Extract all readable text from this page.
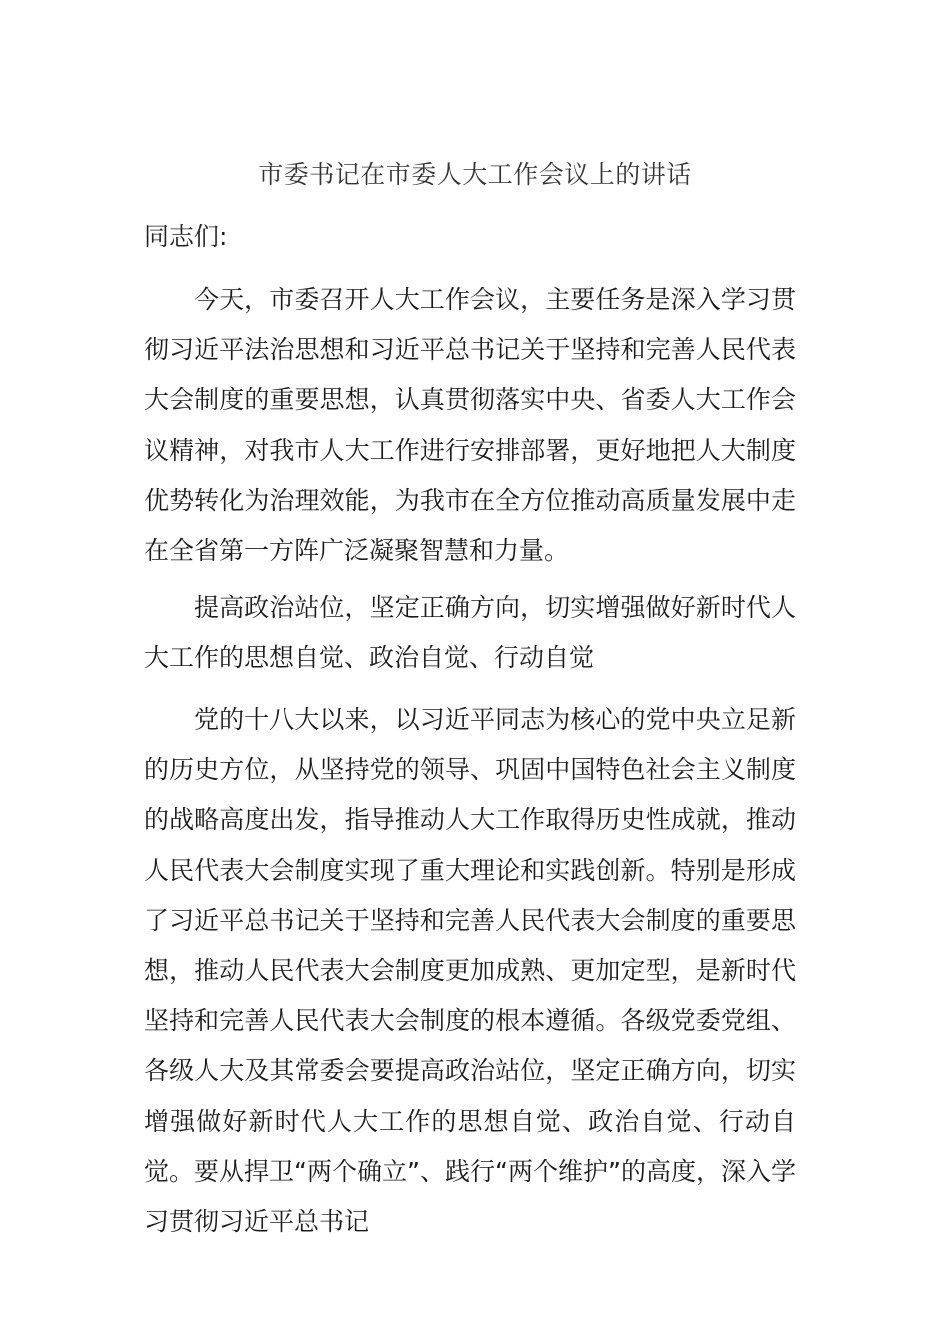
市委书记在市委人大工作会议上的讲话
同志们:

今天，市委召开人大工作会议，主要任务是深入学习贯彻习近平法治思想和习近平总书记关于坚持和完善人民代表大会制度的重要思想，认真贯彻落实中央、省委人大工作会议精神，对我市人大工作进行安排部署，更好地把人大制度优势转化为治理效能，为我市在全方位推动高质量发展中走在全省第一方阵广泛凝聚智慧和力量。

提高政治站位，坚定正确方向，切实增强做好新时代人大工作的思想自觉、政治自觉、行动自觉

党的十八大以来，以习近平同志为核心的党中央立足新的历史方位，从坚持党的领导、巩固中国特色社会主义制度的战略高度出发，指导推动人大工作取得历史性成就，推动人民代表大会制度实现了重大理论和实践创新。特别是形成了习近平总书记关于坚持和完善人民代表大会制度的重要思想，推动人民代表大会制度更加成熟、更加定型，是新时代坚持和完善人民代表大会制度的根本遵循。各级党委党组、各级人大及其常委会要提高政治站位，坚定正确方向，切实增强做好新时代人大工作的思想自觉、政治自觉、行动自觉。要从捍卫“两个确立”、践行“两个维护”的高度，深入学习贯彻习近平总书记
